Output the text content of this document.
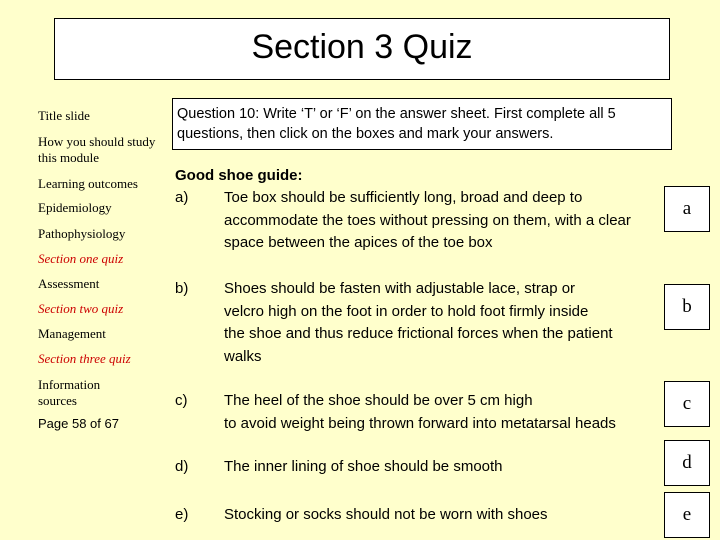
Section 3 Quiz
Title slide
How you should study this module
Learning outcomes
Epidemiology
Pathophysiology
Section one quiz
Assessment
Section two quiz
Management
Section three quiz
Information sources
Page 58 of 67
Question 10: Write ‘T’ or ‘F’ on the answer sheet. First complete all 5 questions, then click on the boxes and mark your answers.
Good shoe guide:
a) Toe box should be sufficiently long, broad and deep to
accommodate the toes without pressing on them, with a clear
space between the apices of the toe box
a
b) Shoes should be fasten with adjustable lace, strap or
velcro high on the foot in order to hold foot firmly inside
the shoe and thus reduce frictional forces when the patient
walks
b
c) The heel of the shoe should be over 5 cm high
to avoid weight being thrown forward into metatarsal heads
c
d) The inner lining of shoe should be smooth	d
e) Stocking or socks should not be worn with shoes	e
